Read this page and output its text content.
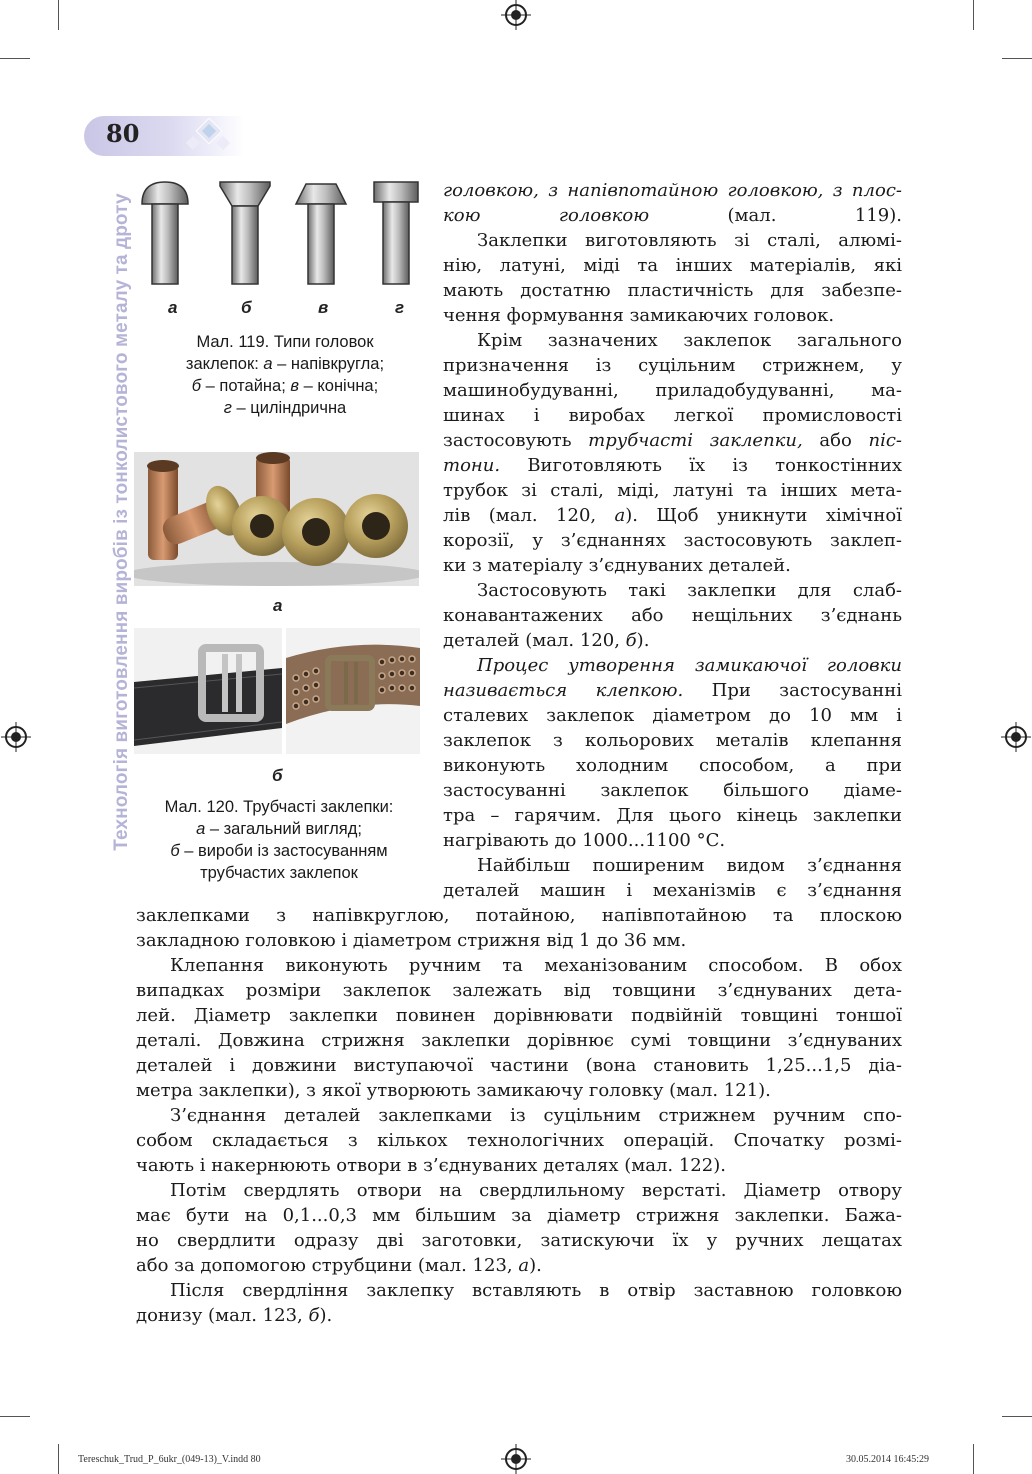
80
Технологія виготовлення виробів із тонколистового металу та дроту а	б	в	г
Мал. 119. Типи головок
заклепок: а – напівкругла;
б – потайна; в – конічна;
г – циліндрична
а
б
Мал. 120. Трубчасті заклепки:
а – загальний вигляд;
б – вироби із застосуванням
трубчастих заклепок
головкою, з напівпотайною головкою, з плос-
кою головкою (мал. 119).
Заклепки виготовляють зі сталі, алюмі-
нію, латуні, міді та інших матеріалів, які
мають достатню пластичність для забезпе-
чення формування замикаючих головок.
Крім зазначених заклепок загального
призначення із суцільним стрижнем, у
машинобудуванні, приладобудуванні, ма-
шинах і виробах легкої промисловості
застосовують трубчасті заклепки, або піс-
тони. Виготовляють їх із тонкостінних
трубок зі сталі, міді, латуні та інших мета-
лів (мал. 120, а). Щоб уникнути хімічної
корозії, у з’єднаннях застосовують заклеп-
ки з матеріалу з’єднуваних деталей.
Застосовують такі заклепки для слаб-
конавантажених або нещільних з’єднань
деталей (мал. 120, б).
Процес утворення замикаючої головки
називається клепкою. При застосуванні
сталевих заклепок діаметром до 10 мм і
заклепок з кольорових металів клепання
виконують холодним способом, а при
застосуванні заклепок більшого діаме-
тра – гарячим. Для цього кінець заклепки
нагрівають до 1000...1100 °С.
Найбільш поширеним видом з’єднання
деталей машин і механізмів є з’єднання
заклепками з напівкруглою, потайною, напівпотайною та плоскою
закладною головкою і діаметром стрижня від 1 до 36 мм.
Клепання виконують ручним та механізованим способом. В обох
випадках розміри заклепок залежать від товщини з’єднуваних дета-
лей. Діаметр заклепки повинен дорівнювати подвійній товщині тоншої
деталі. Довжина стрижня заклепки дорівнює сумі товщини з’єднуваних
деталей і довжини виступаючої частини (вона становить 1,25...1,5 діа-
метра заклепки), з якої утворюють замикаючу головку (мал. 121).
З’єднання деталей заклепками із суцільним стрижнем ручним спо-
собом складається з кількох технологічних операцій. Спочатку розмі-
чають і накернюють отвори в з’єднуваних деталях (мал. 122).
Потім свердлять отвори на свердлильному верстаті. Діаметр отвору
має бути на 0,1...0,3 мм більшим за діаметр стрижня заклепки. Бажа-
но свердлити одразу дві заготовки, затискуючи їх у ручних лещатах
або за допомогою струбцини (мал. 123, а).
Після свердління заклепку вставляють в отвір заставною головкою
донизу (мал. 123, б).
Tereschuk_Trud_P_6ukr_(049-13)_V.indd 80	30.05.2014 16:45:29
